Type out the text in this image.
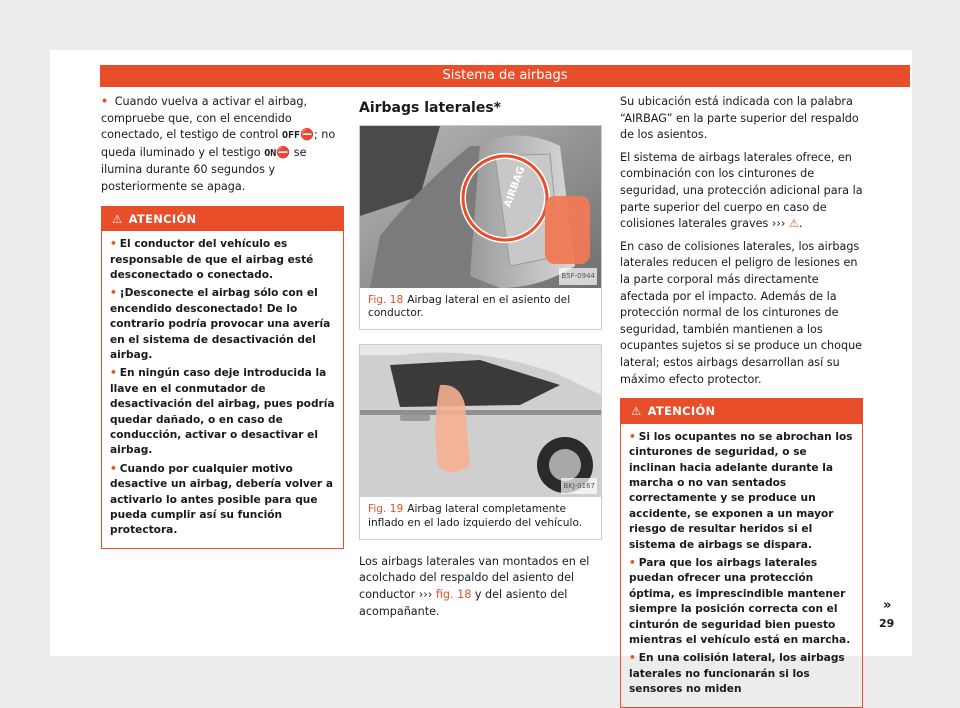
Sistema de airbags

• Cuando vuelva a activar el airbag, compruebe que, con el encendido conectado, el testigo de control OFF⛔; no queda iluminado y el testigo ON⛔ se ilumina durante 60 segundos y posteriormente se apaga.

⚠ ATENCIÓN

• El conductor del vehículo es responsable de que el airbag esté desconectado o conectado.

• ¡Desconecte el airbag sólo con el encendido desconectado! De lo contrario podría provocar una avería en el sistema de desactivación del airbag.

• En ningún caso deje introducida la llave en el conmutador de desactivación del airbag, pues podría quedar dañado, o en caso de conducción, activar o desactivar el airbag.

• Cuando por cualquier motivo desactive un airbag, debería volver a activarlo lo antes posible para que pueda cumplir así su función protectora.

Airbags laterales*
AIRBAG
B5F-0944
Fig. 18 Airbag lateral en el asiento del conductor.
BKJ-0167
Fig. 19 Airbag lateral completamente inflado en el lado izquierdo del vehículo.

Los airbags laterales van montados en el acolchado del respaldo del asiento del conductor ››› fig. 18 y del asiento del acompañante.

Su ubicación está indicada con la palabra “AIRBAG” en la parte superior del respaldo de los asientos.

El sistema de airbags laterales ofrece, en combinación con los cinturones de seguridad, una protección adicional para la parte superior del cuerpo en caso de colisiones laterales graves ››› ⚠.

En caso de colisiones laterales, los airbags laterales reducen el peligro de lesiones en la parte corporal más directamente afectada por el impacto. Además de la protección normal de los cinturones de seguridad, también mantienen a los ocupantes sujetos si se produce un choque lateral; estos airbags desarrollan así su máximo efecto protector.

⚠ ATENCIÓN

• Si los ocupantes no se abrochan los cinturones de seguridad, o se inclinan hacia adelante durante la marcha o no van sentados correctamente y se produce un accidente, se exponen a un mayor riesgo de resultar heridos si el sistema de airbags se dispara.

• Para que los airbags laterales puedan ofrecer una protección óptima, es imprescindible mantener siempre la posición correcta con el cinturón de seguridad bien puesto mientras el vehículo está en marcha.

• En una colisión lateral, los airbags laterales no funcionarán si los sensores no miden

»
29
